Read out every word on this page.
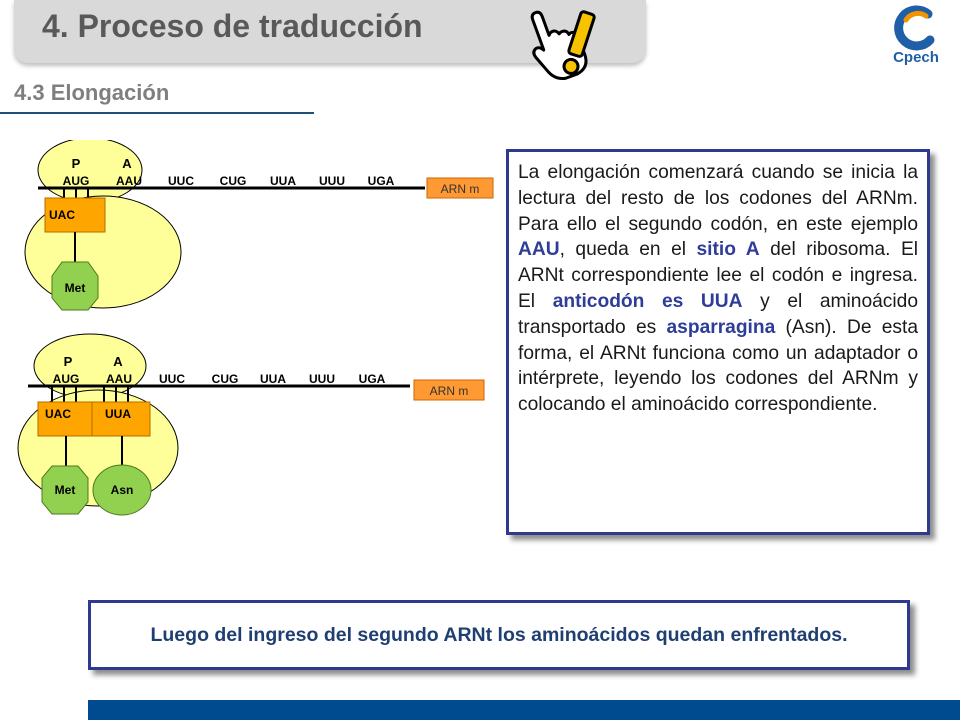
4. Proceso de traducción
Cpech
4.3 Elongación
P	A
AUG AAU UUC CUG UUA UUU UGA
ARN m
UAC
Met
P	A
AUG AAU UUC CUG UUA UUU UGA
ARN m
UAC	UUA
Met	Asn
La elongación comenzará cuando se inicia la lectura del resto de los codones del ARNm. Para ello el segundo codón, en este ejemplo AAU, queda en el sitio A del ribosoma. El ARNt correspondiente lee el codón e ingresa. El anticodón es UUA y el aminoácido transportado es asparragina (Asn). De esta forma, el ARNt funciona como un adaptador o intérprete, leyendo los codones del ARNm y colocando el aminoácido correspondiente.
Luego del ingreso del segundo ARNt los aminoácidos quedan enfrentados.
